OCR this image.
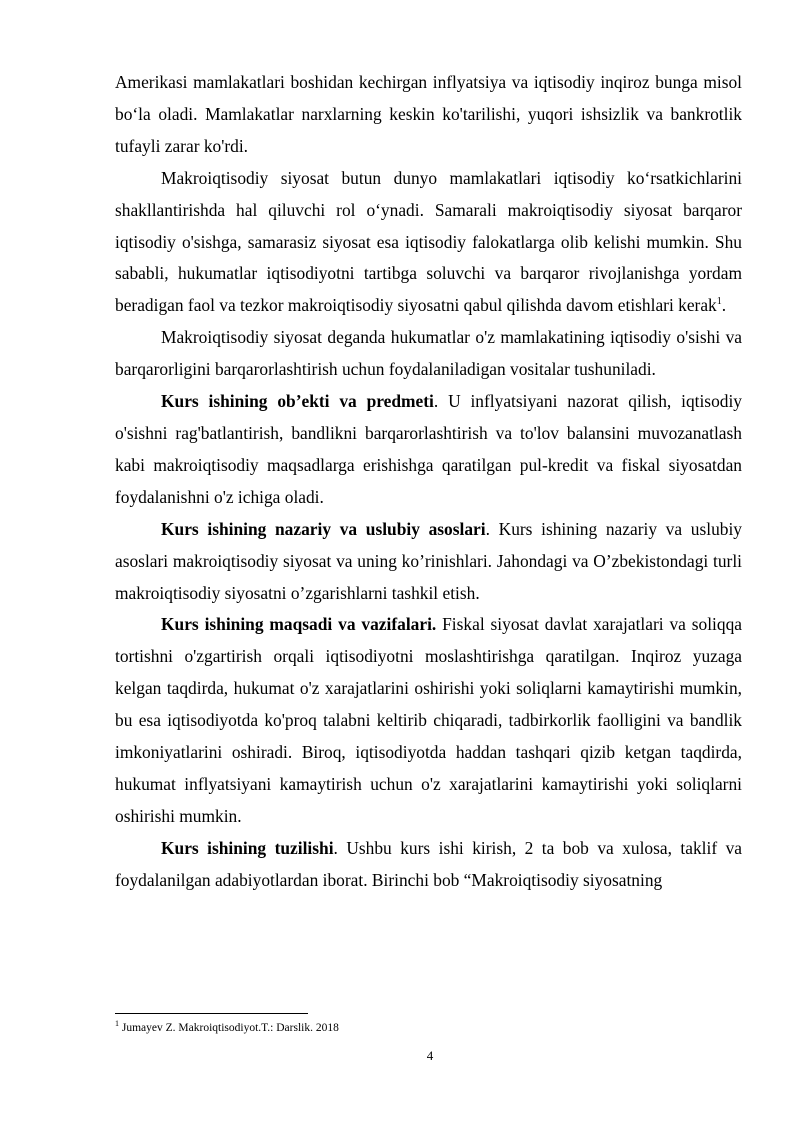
Amerikasi mamlakatlari boshidan kechirgan inflyatsiya va iqtisodiy inqiroz bunga misol bo‘la oladi. Mamlakatlar narxlarning keskin ko'tarilishi, yuqori ishsizlik va bankrotlik tufayli zarar ko'rdi.

Makroiqtisodiy siyosat butun dunyo mamlakatlari iqtisodiy ko‘rsatkichlarini shakllantirishda hal qiluvchi rol o‘ynadi. Samarali makroiqtisodiy siyosat barqaror iqtisodiy o'sishga, samarasiz siyosat esa iqtisodiy falokatlarga olib kelishi mumkin. Shu sababli, hukumatlar iqtisodiyotni tartibga soluvchi va barqaror rivojlanishga yordam beradigan faol va tezkor makroiqtisodiy siyosatni qabul qilishda davom etishlari kerak$^1$.

Makroiqtisodiy siyosat deganda hukumatlar o'z mamlakatining iqtisodiy o'sishi va barqarorligini barqarorlashtirish uchun foydalaniladigan vositalar tushuniladi.

Kurs ishining ob’ekti va predmeti. U inflyatsiyani nazorat qilish, iqtisodiy o'sishni rag'batlantirish, bandlikni barqarorlashtirish va to'lov balansini muvozanatlash kabi makroiqtisodiy maqsadlarga erishishga qaratilgan pul-kredit va fiskal siyosatdan foydalanishni o'z ichiga oladi.

Kurs ishining nazariy va uslubiy asoslari. Kurs ishining nazariy va uslubiy asoslari makroiqtisodiy siyosat va uning ko’rinishlari. Jahondagi va O’zbekistondagi turli makroiqtisodiy siyosatni o’zgarishlarni tashkil etish.

Kurs ishining maqsadi va vazifalari. Fiskal siyosat davlat xarajatlari va soliqqa tortishni o'zgartirish orqali iqtisodiyotni moslashtirishga qaratilgan. Inqiroz yuzaga kelgan taqdirda, hukumat o'z xarajatlarini oshirishi yoki soliqlarni kamaytirishi mumkin, bu esa iqtisodiyotda ko'proq talabni keltirib chiqaradi, tadbirkorlik faolligini va bandlik imkoniyatlarini oshiradi. Biroq, iqtisodiyotda haddan tashqari qizib ketgan taqdirda, hukumat inflyatsiyani kamaytirish uchun o'z xarajatlarini kamaytirishi yoki soliqlarni oshirishi mumkin.

Kurs ishining tuzilishi. Ushbu kurs ishi kirish, 2 ta bob va xulosa, taklif va foydalanilgan adabiyotlardan iborat. Birinchi bob “Makroiqtisodiy siyosatning

$^1$ Jumayev Z. Makroiqtisodiyot.T.: Darslik. 2018
4
